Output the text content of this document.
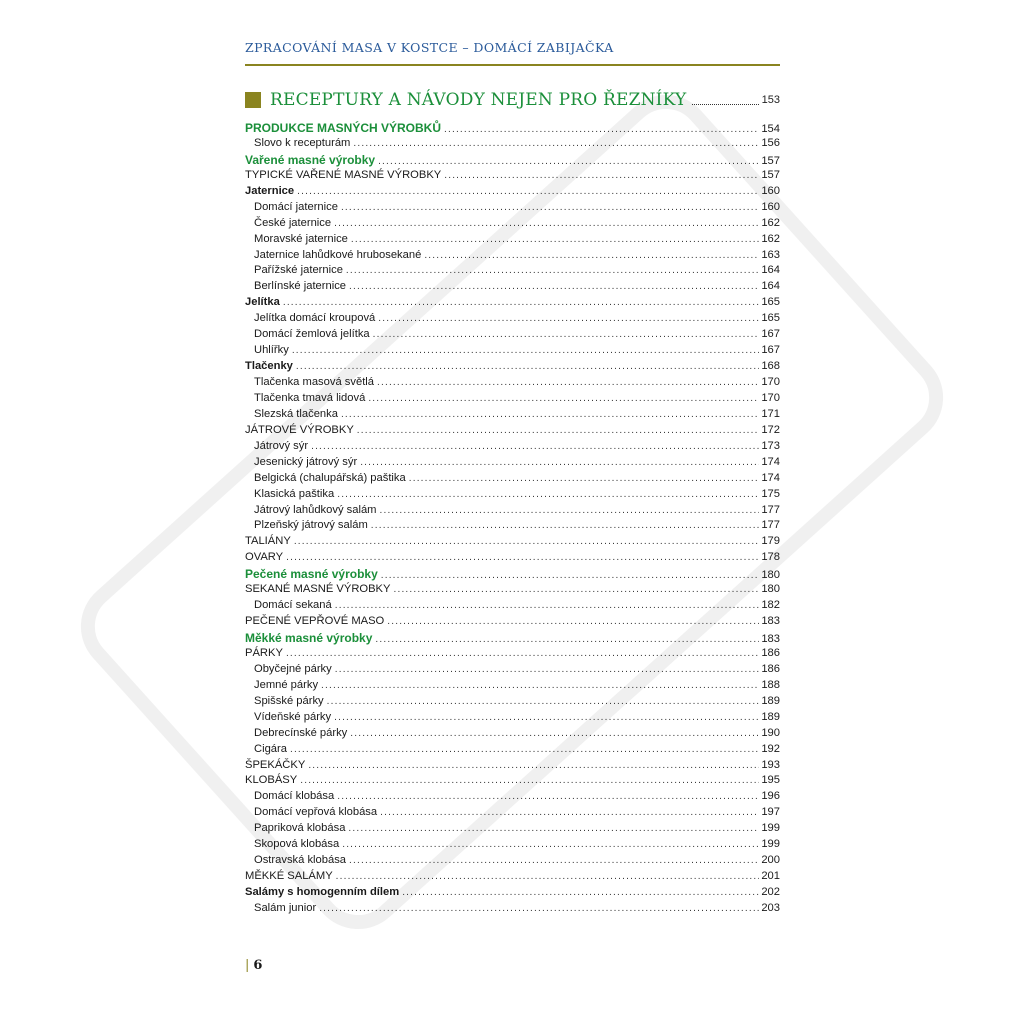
ZPRACOVÁNÍ MASA V KOSTCE – DOMÁCÍ ZABIJAČKA
RECEPTURY A NÁVODY NEJEN PRO ŘEZNÍKY	153
PRODUKCE MASNÝCH VÝROBKŮ .....	154
Slovo k recepturám .....	156
Vařené masné výrobky .....	157
TYPICKÉ VAŘENÉ MASNÉ VÝROBKY .....	157
Jaternice .....	160
Domácí jaternice .....	160
České jaternice .....	162
Moravské jaternice .....	162
Jaternice lahůdkové hrubosekané .....	163
Pařížské jaternice .....	164
Berlínské jaternice .....	164
Jelítka .....	165
Jelítka domácí kroupová .....	165
Domácí žemlová jelítka .....	167
Uhlířky .....	167
Tlačenky .....	168
Tlačenka masová světlá .....	170
Tlačenka tmavá lidová .....	170
Slezská tlačenka .....	171
JÁTROVÉ VÝROBKY .....	172
Játrový sýr .....	173
Jesenický játrový sýr .....	174
Belgická (chalupářská) paštika .....	174
Klasická paštika .....	175
Játrový lahůdkový salám .....	177
Plzeňský játrový salám .....	177
TALIÁNY .....	179
OVARY .....	178
Pečené masné výrobky .....	180
SEKANÉ MASNÉ VÝROBKY .....	180
Domácí sekaná .....	182
PEČENÉ VEPŘOVÉ MASO .....	183
Měkké masné výrobky .....	183
PÁRKY .....	186
Obyčejné párky .....	186
Jemné párky .....	188
Spišské párky .....	189
Vídeňské párky .....	189
Debrecínské párky .....	190
Cigára .....	192
ŠPEKÁČKY .....	193
KLOBÁSY .....	195
Domácí klobása .....	196
Domácí vepřová klobása .....	197
Papriková klobása .....	199
Skopová klobása .....	199
Ostravská klobása .....	200
MĚKKÉ SALÁMY .....	201
Salámy s homogenním dílem .....	202
Salám junior .....	203
| 6
